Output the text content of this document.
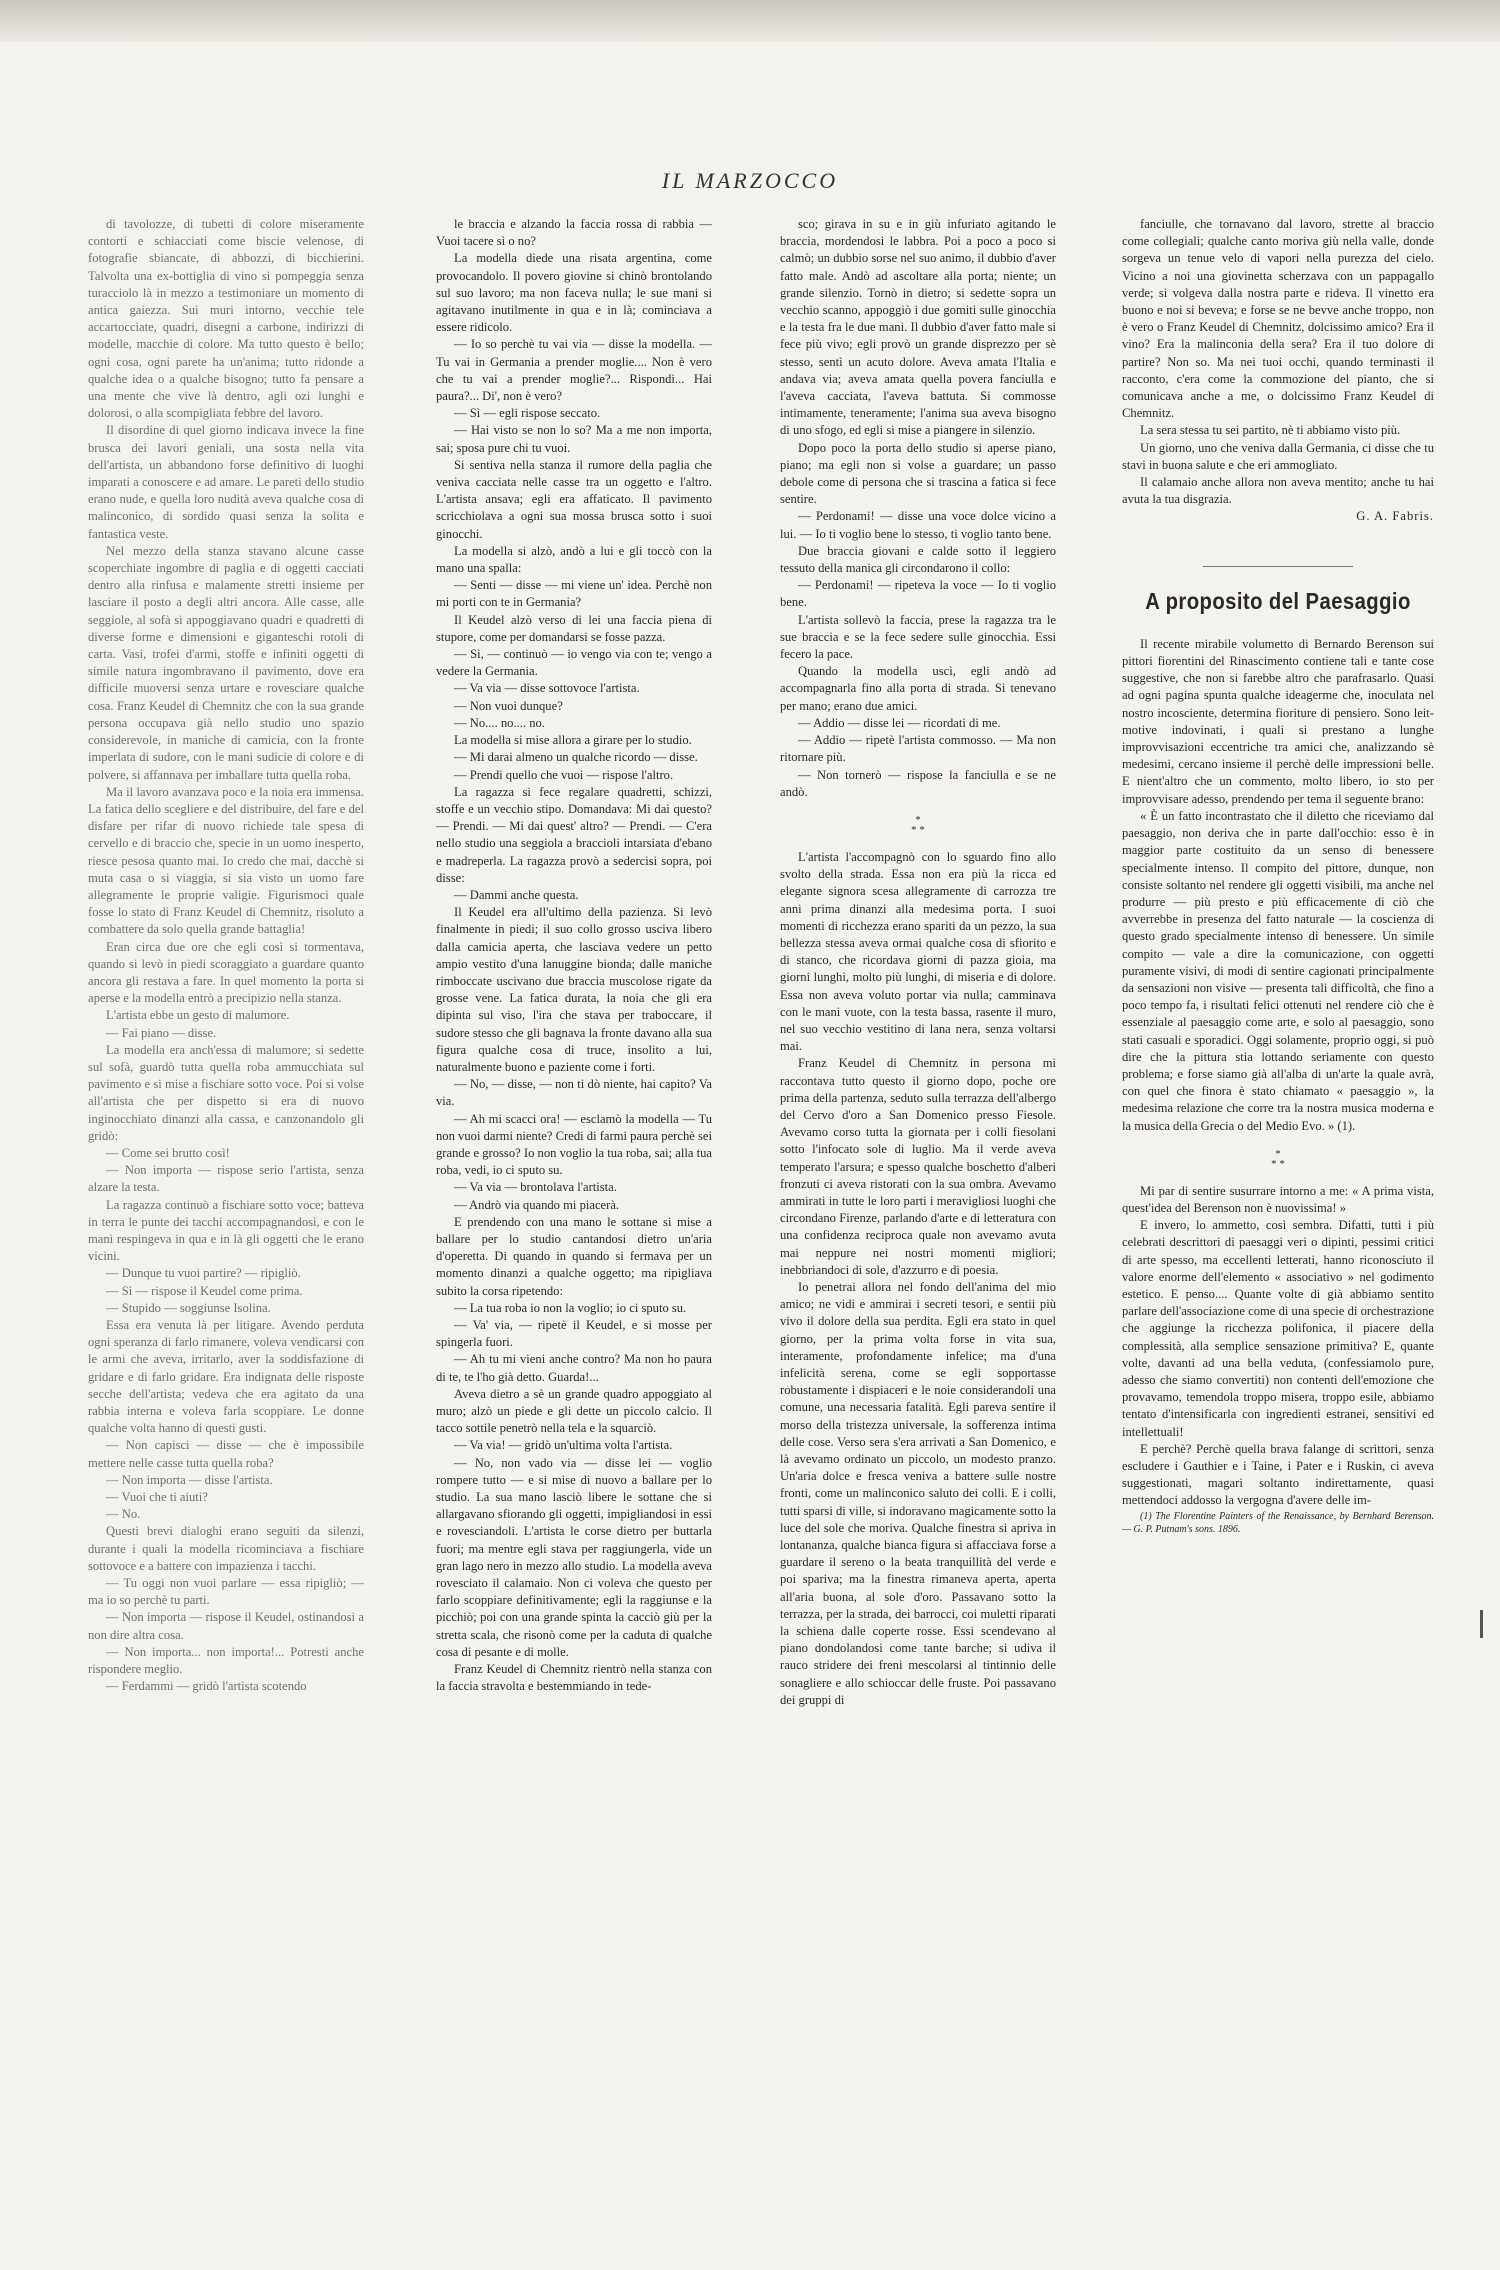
IL MARZOCCO

di tavolozze, di tubetti di colore miseramente contorti e schiacciati come biscie velenose, di fotografie sbiancate, di abbozzi, di bicchierini. Talvolta una ex-bottiglia di vino si pompeggia senza turacciolo là in mezzo a testimoniare un momento di antica gaiezza. Sui muri intorno, vecchie tele accartocciate, quadri, disegni a carbone, indirizzi di modelle, macchie di colore. Ma tutto questo è bello; ogni cosa, ogni parete ha un'anima; tutto ridonde a qualche idea o a qualche bisogno; tutto fa pensare a una mente che vive là dentro, agli ozi lunghi e dolorosi, o alla scompigliata febbre del lavoro.

Il disordine di quel giorno indicava invece la fine brusca dei lavori geniali, una sosta nella vita dell'artista, un abbandono forse definitivo di luoghi imparati a conoscere e ad amare. Le pareti dello studio erano nude, e quella loro nudità aveva qualche cosa di malinconico, di sordido quasi senza la solita e fantastica veste.

Nel mezzo della stanza stavano alcune casse scoperchiate ingombre di paglia e di oggetti cacciati dentro alla rinfusa e malamente stretti insieme per lasciare il posto a degli altri ancora. Alle casse, alle seggiole, al sofà si appoggiavano quadri e quadretti di diverse forme e dimensioni e giganteschi rotoli di carta. Vasi, trofei d'armi, stoffe e infiniti oggetti di simile natura ingombravano il pavimento, dove era difficile muoversi senza urtare e rovesciare qualche cosa. Franz Keudel di Chemnitz che con la sua grande persona occupava già nello studio uno spazio considerevole, in maniche di camicia, con la fronte imperlata di sudore, con le mani sudicie di colore e di polvere, si affannava per imballare tutta quella roba.

Ma il lavoro avanzava poco e la noia era immensa. La fatica dello scegliere e del distribuire, del fare e del disfare per rifar di nuovo richiede tale spesa di cervello e di braccio che, specie in un uomo inesperto, riesce pesosa quanto mai. Io credo che mai, dacchè si muta casa o si viaggia, si sia visto un uomo fare allegramente le proprie valigie. Figurismoci quale fosse lo stato di Franz Keudel di Chemnitz, risoluto a combattere da solo quella grande battaglia!

Eran circa due ore che egli così si tormentava, quando si levò in piedi scoraggiato a guardare quanto ancora gli restava a fare. In quel momento la porta si aperse e la modella entrò a precipizio nella stanza.

L'artista ebbe un gesto di malumore.

— Fai piano — disse.

La modella era anch'essa di malumore; si sedette sul sofà, guardò tutta quella roba ammucchiata sul pavimento e si mise a fischiare sotto voce. Poi si volse all'artista che per dispetto si era di nuovo inginocchiato dinanzi alla cassa, e canzonandolo gli gridò:

— Come sei brutto così!

— Non importa — rispose serio l'artista, senza alzare la testa.

La ragazza continuò a fischiare sotto voce; batteva in terra le punte dei tacchi accompagnandosi, e con le mani respingeva in qua e in là gli oggetti che le erano vicini.

— Dunque tu vuoi partire? — ripigliò.

— Sì — rispose il Keudel come prima.

— Stupido — soggiunse Isolina.

Essa era venuta là per litigare. Avendo perduta ogni speranza di farlo rimanere, voleva vendicarsi con le armi che aveva, irritarlo, aver la soddisfazione di gridare e di farlo gridare. Era indignata delle risposte secche dell'artista; vedeva che era agitato da una rabbia interna e voleva farla scoppiare. Le donne qualche volta hanno di questi gusti.

— Non capisci — disse — che è impossibile mettere nelle casse tutta quella roba?

— Non importa — disse l'artista.

— Vuoi che ti aiuti?

— No.

Questi brevi dialoghi erano seguiti da silenzi, durante i quali la modella ricominciava a fischiare sottovoce e a battere con impazienza i tacchi.

— Tu oggi non vuoi parlare — essa ripigliò; — ma io so perchè tu parti.

— Non importa — rispose il Keudel, ostinandosi a non dire altra cosa.

— Non importa... non importa!... Potresti anche rispondere meglio.

— Ferdammi — gridò l'artista scotendo

le braccia e alzando la faccia rossa di rabbia — Vuoi tacere sì o no?

La modella diede una risata argentina, come provocandolo. Il povero giovine si chinò brontolando sul suo lavoro; ma non faceva nulla; le sue mani si agitavano inutilmente in qua e in là; cominciava a essere ridicolo.

— Io so perchè tu vai via — disse la modella. — Tu vai in Germania a prender moglie.... Non è vero che tu vai a prender moglie?... Rispondi... Hai paura?... Di', non è vero?

— Sì — egli rispose seccato.

— Hai visto se non lo so? Ma a me non importa, sai; sposa pure chi tu vuoi.

Si sentiva nella stanza il rumore della paglia che veniva cacciata nelle casse tra un oggetto e l'altro. L'artista ansava; egli era affaticato. Il pavimento scricchiolava a ogni sua mossa brusca sotto i suoi ginocchi.

La modella si alzò, andò a lui e gli toccò con la mano una spalla:

— Senti — disse — mi viene un' idea. Perchè non mi porti con te in Germania?

Il Keudel alzò verso di lei una faccia piena di stupore, come per domandarsi se fosse pazza.

— Sì, — continuò — io vengo via con te; vengo a vedere la Germania.

— Va via — disse sottovoce l'artista.

— Non vuoi dunque?

— No.... no.... no.

La modella si mise allora a girare per lo studio.

— Mi darai almeno un qualche ricordo — disse.

— Prendi quello che vuoi — rispose l'altro.

La ragazza si fece regalare quadretti, schizzi, stoffe e un vecchio stipo. Domandava: Mi dai questo? — Prendi. — Mi dai quest' altro? — Prendi. — C'era nello studio una seggiola a braccioli intarsiata d'ebano e madreperla. La ragazza provò a sedercisi sopra, poi disse:

— Dammi anche questa.

Il Keudel era all'ultimo della pazienza. Si levò finalmente in piedi; il suo collo grosso usciva libero dalla camicia aperta, che lasciava vedere un petto ampio vestito d'una lanuggine bionda; dalle maniche rimboccate uscivano due braccia muscolose rigate da grosse vene. La fatica durata, la noia che gli era dipinta sul viso, l'ira che stava per traboccare, il sudore stesso che gli bagnava la fronte davano alla sua figura qualche cosa di truce, insolito a lui, naturalmente buono e paziente come i forti.

— No, — disse, — non ti dò niente, hai capito? Va via.

— Ah mi scacci ora! — esclamò la modella — Tu non vuoi darmi niente? Credi di farmi paura perchè sei grande e grosso? Io non voglio la tua roba, sai; alla tua roba, vedi, io ci sputo su.

— Va via — brontolava l'artista.

— Andrò via quando mi piacerà.

E prendendo con una mano le sottane si mise a ballare per lo studio cantandosi dietro un'aria d'operetta. Di quando in quando si fermava per un momento dinanzi a qualche oggetto; ma ripigliava subito la corsa ripetendo:

— La tua roba io non la voglio; io ci sputo su.

— Va' via, — ripetè il Keudel, e si mosse per spingerla fuori.

— Ah tu mi vieni anche contro? Ma non ho paura di te, te l'ho già detto. Guarda!...

Aveva dietro a sè un grande quadro appoggiato al muro; alzò un piede e gli dette un piccolo calcio. Il tacco sottile penetrò nella tela e la squarciò.

— Va via! — gridò un'ultima volta l'artista.

— No, non vado via — disse lei — voglio rompere tutto — e si mise di nuovo a ballare per lo studio. La sua mano lasciò libere le sottane che si allargavano sfiorando gli oggetti, impigliandosi in essi e rovesciandoli. L'artista le corse dietro per buttarla fuori; ma mentre egli stava per raggiungerla, vide un gran lago nero in mezzo allo studio. La modella aveva rovesciato il calamaio. Non ci voleva che questo per farlo scoppiare definitivamente; egli la raggiunse e la picchiò; poi con una grande spinta la cacciò giù per la stretta scala, che risonò come per la caduta di qualche cosa di pesante e di molle.

Franz Keudel di Chemnitz rientrò nella stanza con la faccia stravolta e bestemmiando in tede-

sco; girava in su e in giù infuriato agitando le braccia, mordendosi le labbra. Poi a poco a poco si calmò; un dubbio sorse nel suo animo, il dubbio d'aver fatto male. Andò ad ascoltare alla porta; niente; un grande silenzio. Tornò in dietro; si sedette sopra un vecchio scanno, appoggiò i due gomiti sulle ginocchia e la testa fra le due mani. Il dubbio d'aver fatto male si fece più vivo; egli provò un grande disprezzo per sè stesso, sentì un acuto dolore. Aveva amata l'Italia e andava via; aveva amata quella povera fanciulla e l'aveva cacciata, l'aveva battuta. Si commosse intimamente, teneramente; l'anima sua aveva bisogno di uno sfogo, ed egli si mise a piangere in silenzio.

Dopo poco la porta dello studio si aperse piano, piano; ma egli non si volse a guardare; un passo debole come di persona che si trascina a fatica si fece sentire.

— Perdonami! — disse una voce dolce vicino a lui. — Io ti voglio bene lo stesso, ti voglio tanto bene.

Due braccia giovani e calde sotto il leggiero tessuto della manica gli circondarono il collo:

— Perdonami! — ripeteva la voce — Io ti voglio bene.

L'artista sollevò la faccia, prese la ragazza tra le sue braccia e se la fece sedere sulle ginocchia. Essi fecero la pace.

Quando la modella uscì, egli andò ad accompagnarla fino alla porta di strada. Si tenevano per mano; erano due amici.

— Addio — disse lei — ricordati di me.

— Addio — ripetè l'artista commosso. — Ma non ritornare più.

— Non tornerò — rispose la fanciulla e se ne andò.

*
* *

L'artista l'accompagnò con lo sguardo fino allo svolto della strada. Essa non era più la ricca ed elegante signora scesa allegramente di carrozza tre anni prima dinanzi alla medesima porta. I suoi momenti di ricchezza erano spariti da un pezzo, la sua bellezza stessa aveva ormai qualche cosa di sfiorito e di stanco, che ricordava giorni di pazza gioia, ma giorni lunghi, molto più lunghi, di miseria e di dolore. Essa non aveva voluto portar via nulla; camminava con le mani vuote, con la testa bassa, rasente il muro, nel suo vecchio vestitino di lana nera, senza voltarsi mai.

Franz Keudel di Chemnitz in persona mi raccontava tutto questo il giorno dopo, poche ore prima della partenza, seduto sulla terrazza dell'albergo del Cervo d'oro a San Domenico presso Fiesole. Avevamo corso tutta la giornata per i colli fiesolani sotto l'infocato sole di luglio. Ma il verde aveva temperato l'arsura; e spesso qualche boschetto d'alberi fronzuti ci aveva ristorati con la sua ombra. Avevamo ammirati in tutte le loro parti i meravigliosi luoghi che circondano Firenze, parlando d'arte e di letteratura con una confidenza reciproca quale non avevamo avuta mai neppure nei nostri momenti migliori; inebbriandoci di sole, d'azzurro e di poesia.

Io penetrai allora nel fondo dell'anima del mio amico; ne vidi e ammirai i secreti tesori, e sentii più vivo il dolore della sua perdita. Egli era stato in quel giorno, per la prima volta forse in vita sua, interamente, profondamente infelice; ma d'una infelicità serena, come se egli sopportasse robustamente i dispiaceri e le noie considerandoli una comune, una necessaria fatalità. Egli pareva sentire il morso della tristezza universale, la sofferenza intima delle cose. Verso sera s'era arrivati a San Domenico, e là avevamo ordinato un piccolo, un modesto pranzo. Un'aria dolce e fresca veniva a battere sulle nostre fronti, come un malinconico saluto dei colli. E i colli, tutti sparsi di ville, si indoravano magicamente sotto la luce del sole che moriva. Qualche finestra si apriva in lontananza, qualche bianca figura si affacciava forse a guardare il sereno o la beata tranquillità del verde e poi spariva; ma la finestra rimaneva aperta, aperta all'aria buona, al sole d'oro. Passavano sotto la terrazza, per la strada, dei barrocci, coi muletti riparati la schiena dalle coperte rosse. Essi scendevano al piano dondolandosi come tante barche; si udiva il rauco stridere dei freni mescolarsi al tintinnio delle sonagliere e allo schioccar delle fruste. Poi passavano dei gruppi di

fanciulle, che tornavano dal lavoro, strette al braccio come collegiali; qualche canto moriva giù nella valle, donde sorgeva un tenue velo di vapori nella purezza del cielo. Vicino a noi una giovinetta scherzava con un pappagallo verde; si volgeva dalla nostra parte e rideva. Il vinetto era buono e noi si beveva; e forse se ne bevve anche troppo, non è vero o Franz Keudel di Chemnitz, dolcissimo amico? Era il vino? Era la malinconia della sera? Era il tuo dolore di partire? Non so. Ma nei tuoi occhi, quando terminasti il racconto, c'era come la commozione del pianto, che si comunicava anche a me, o dolcissimo Franz Keudel di Chemnitz.

La sera stessa tu sei partito, nè ti abbiamo visto più.

Un giorno, uno che veniva dalla Germania, ci disse che tu stavi in buona salute e che eri ammogliato.

Il calamaio anche allora non aveva mentito; anche tu hai avuta la tua disgrazia.

G. A. Fabris.

A proposito del Paesaggio

Il recente mirabile volumetto di Bernardo Berenson sui pittori fiorentini del Rinascimento contiene tali e tante cose suggestive, che non si farebbe altro che parafrasarlo. Quasi ad ogni pagina spunta qualche ideagerme che, inoculata nel nostro incosciente, determina fioriture di pensiero. Sono leit-motive indovinati, i quali si prestano a lunghe improvvisazioni eccentriche tra amici che, analizzando sè medesimi, cercano insieme il perchè delle impressioni belle. E nient'altro che un commento, molto libero, io sto per improvvisare adesso, prendendo per tema il seguente brano:

« È un fatto incontrastato che il diletto che riceviamo dal paesaggio, non deriva che in parte dall'occhio: esso è in maggior parte costituito da un senso di benessere specialmente intenso. Il compito del pittore, dunque, non consiste soltanto nel rendere gli oggetti visibili, ma anche nel produrre — più presto e più efficacemente di ciò che avverrebbe in presenza del fatto naturale — la coscienza di questo grado specialmente intenso di benessere. Un simile compito — vale a dire la comunicazione, con oggetti puramente visivi, di modi di sentire cagionati principalmente da sensazioni non visive — presenta tali difficoltà, che fino a poco tempo fa, i risultati felici ottenuti nel rendere ciò che è essenziale al paesaggio come arte, e solo al paesaggio, sono stati casuali e sporadici. Oggi solamente, proprio oggi, si può dire che la pittura stia lottando seriamente con questo problema; e forse siamo già all'alba di un'arte la quale avrà, con quel che finora è stato chiamato « paesaggio », la medesima relazione che corre tra la nostra musica moderna e la musica della Grecia o del Medio Evo. » (1).

*
* *

Mi par di sentire susurrare intorno a me: « A prima vista, quest'idea del Berenson non è nuovissima! »

E invero, lo ammetto, così sembra. Difatti, tutti i più celebrati descrittori di paesaggi veri o dipinti, pessimi critici di arte spesso, ma eccellenti letterati, hanno riconosciuto il valore enorme dell'elemento « associativo » nel godimento estetico. E penso.... Quante volte di già abbiamo sentito parlare dell'associazione come di una specie di orchestrazione che aggiunge la ricchezza polifonica, il piacere della complessità, alla semplice sensazione primitiva? E, quante volte, davanti ad una bella veduta, (confessiamolo pure, adesso che siamo convertiti) non contenti dell'emozione che provavamo, temendola troppo misera, troppo esile, abbiamo tentato d'intensificarla con ingredienti estranei, sensitivi ed intellettuali!

E perchè? Perchè quella brava falange di scrittori, senza escludere i Gauthier e i Taine, i Pater e i Ruskin, ci aveva suggestionati, magari soltanto indirettamente, quasi mettendoci addosso la vergogna d'avere delle im-

(1) The Florentine Painters of the Renaissance, by Bernhard Berenson. — G. P. Putnam's sons. 1896.
